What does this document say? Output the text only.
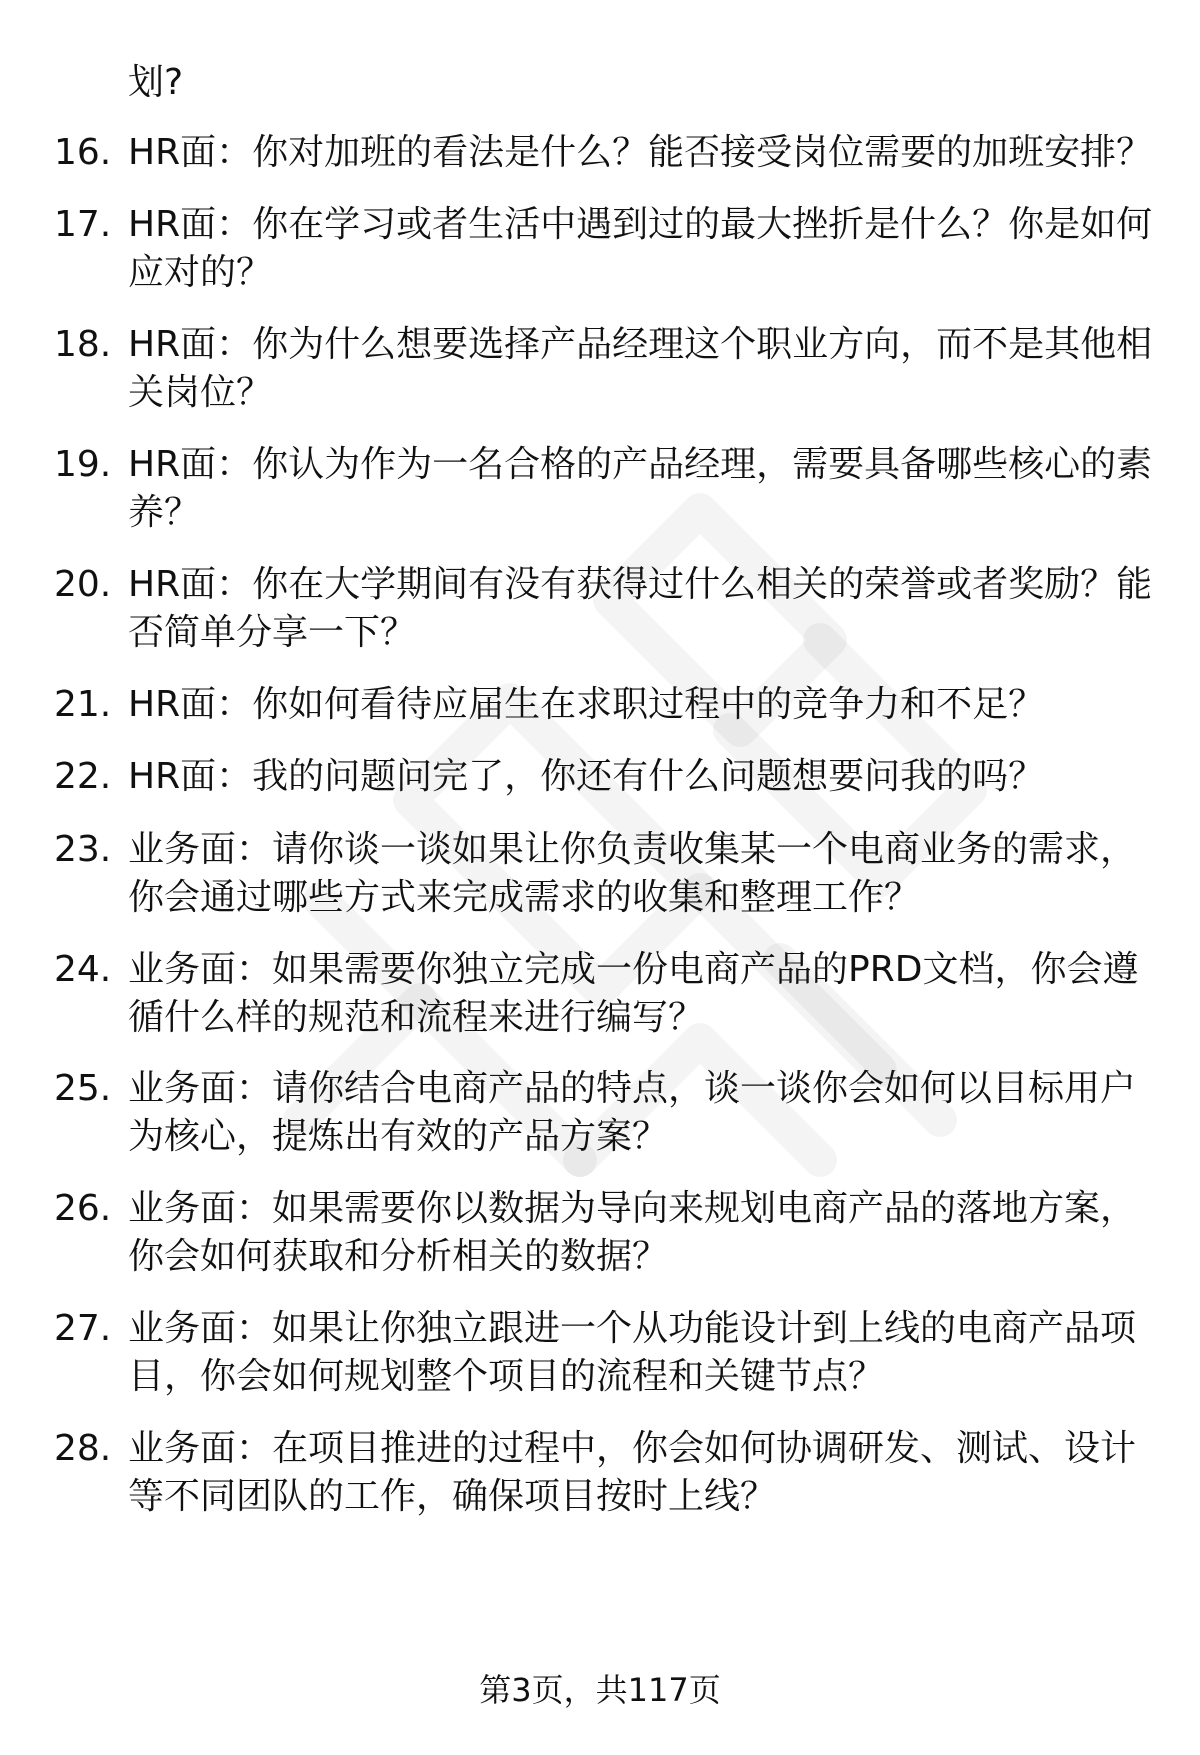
划?
16. HR面：你对加班的看法是什么？能否接受岗位需要的加班安排？
17. HR面：你在学习或者生活中遇到过的最大挫折是什么？你是如何
应对的？
18. HR面：你为什么想要选择产品经理这个职业方向，而不是其他相
关岗位？
19. HR面：你认为作为一名合格的产品经理，需要具备哪些核心的素
养？
20. HR面：你在大学期间有没有获得过什么相关的荣誉或者奖励？能
否简单分享一下？
21. HR面：你如何看待应届生在求职过程中的竞争力和不足？
22. HR面：我的问题问完了，你还有什么问题想要问我的吗？
23. 业务面：请你谈一谈如果让你负责收集某一个电商业务的需求，
你会通过哪些方式来完成需求的收集和整理工作？
24. 业务面：如果需要你独立完成一份电商产品的PRD文档，你会遵
循什么样的规范和流程来进行编写？
25. 业务面：请你结合电商产品的特点，谈一谈你会如何以目标用户
为核心，提炼出有效的产品方案？
26. 业务面：如果需要你以数据为导向来规划电商产品的落地方案，
你会如何获取和分析相关的数据？
27. 业务面：如果让你独立跟进一个从功能设计到上线的电商产品项
目，你会如何规划整个项目的流程和关键节点？
28. 业务面：在项目推进的过程中，你会如何协调研发、测试、设计
等不同团队的工作，确保项目按时上线？
第3页，共117页
